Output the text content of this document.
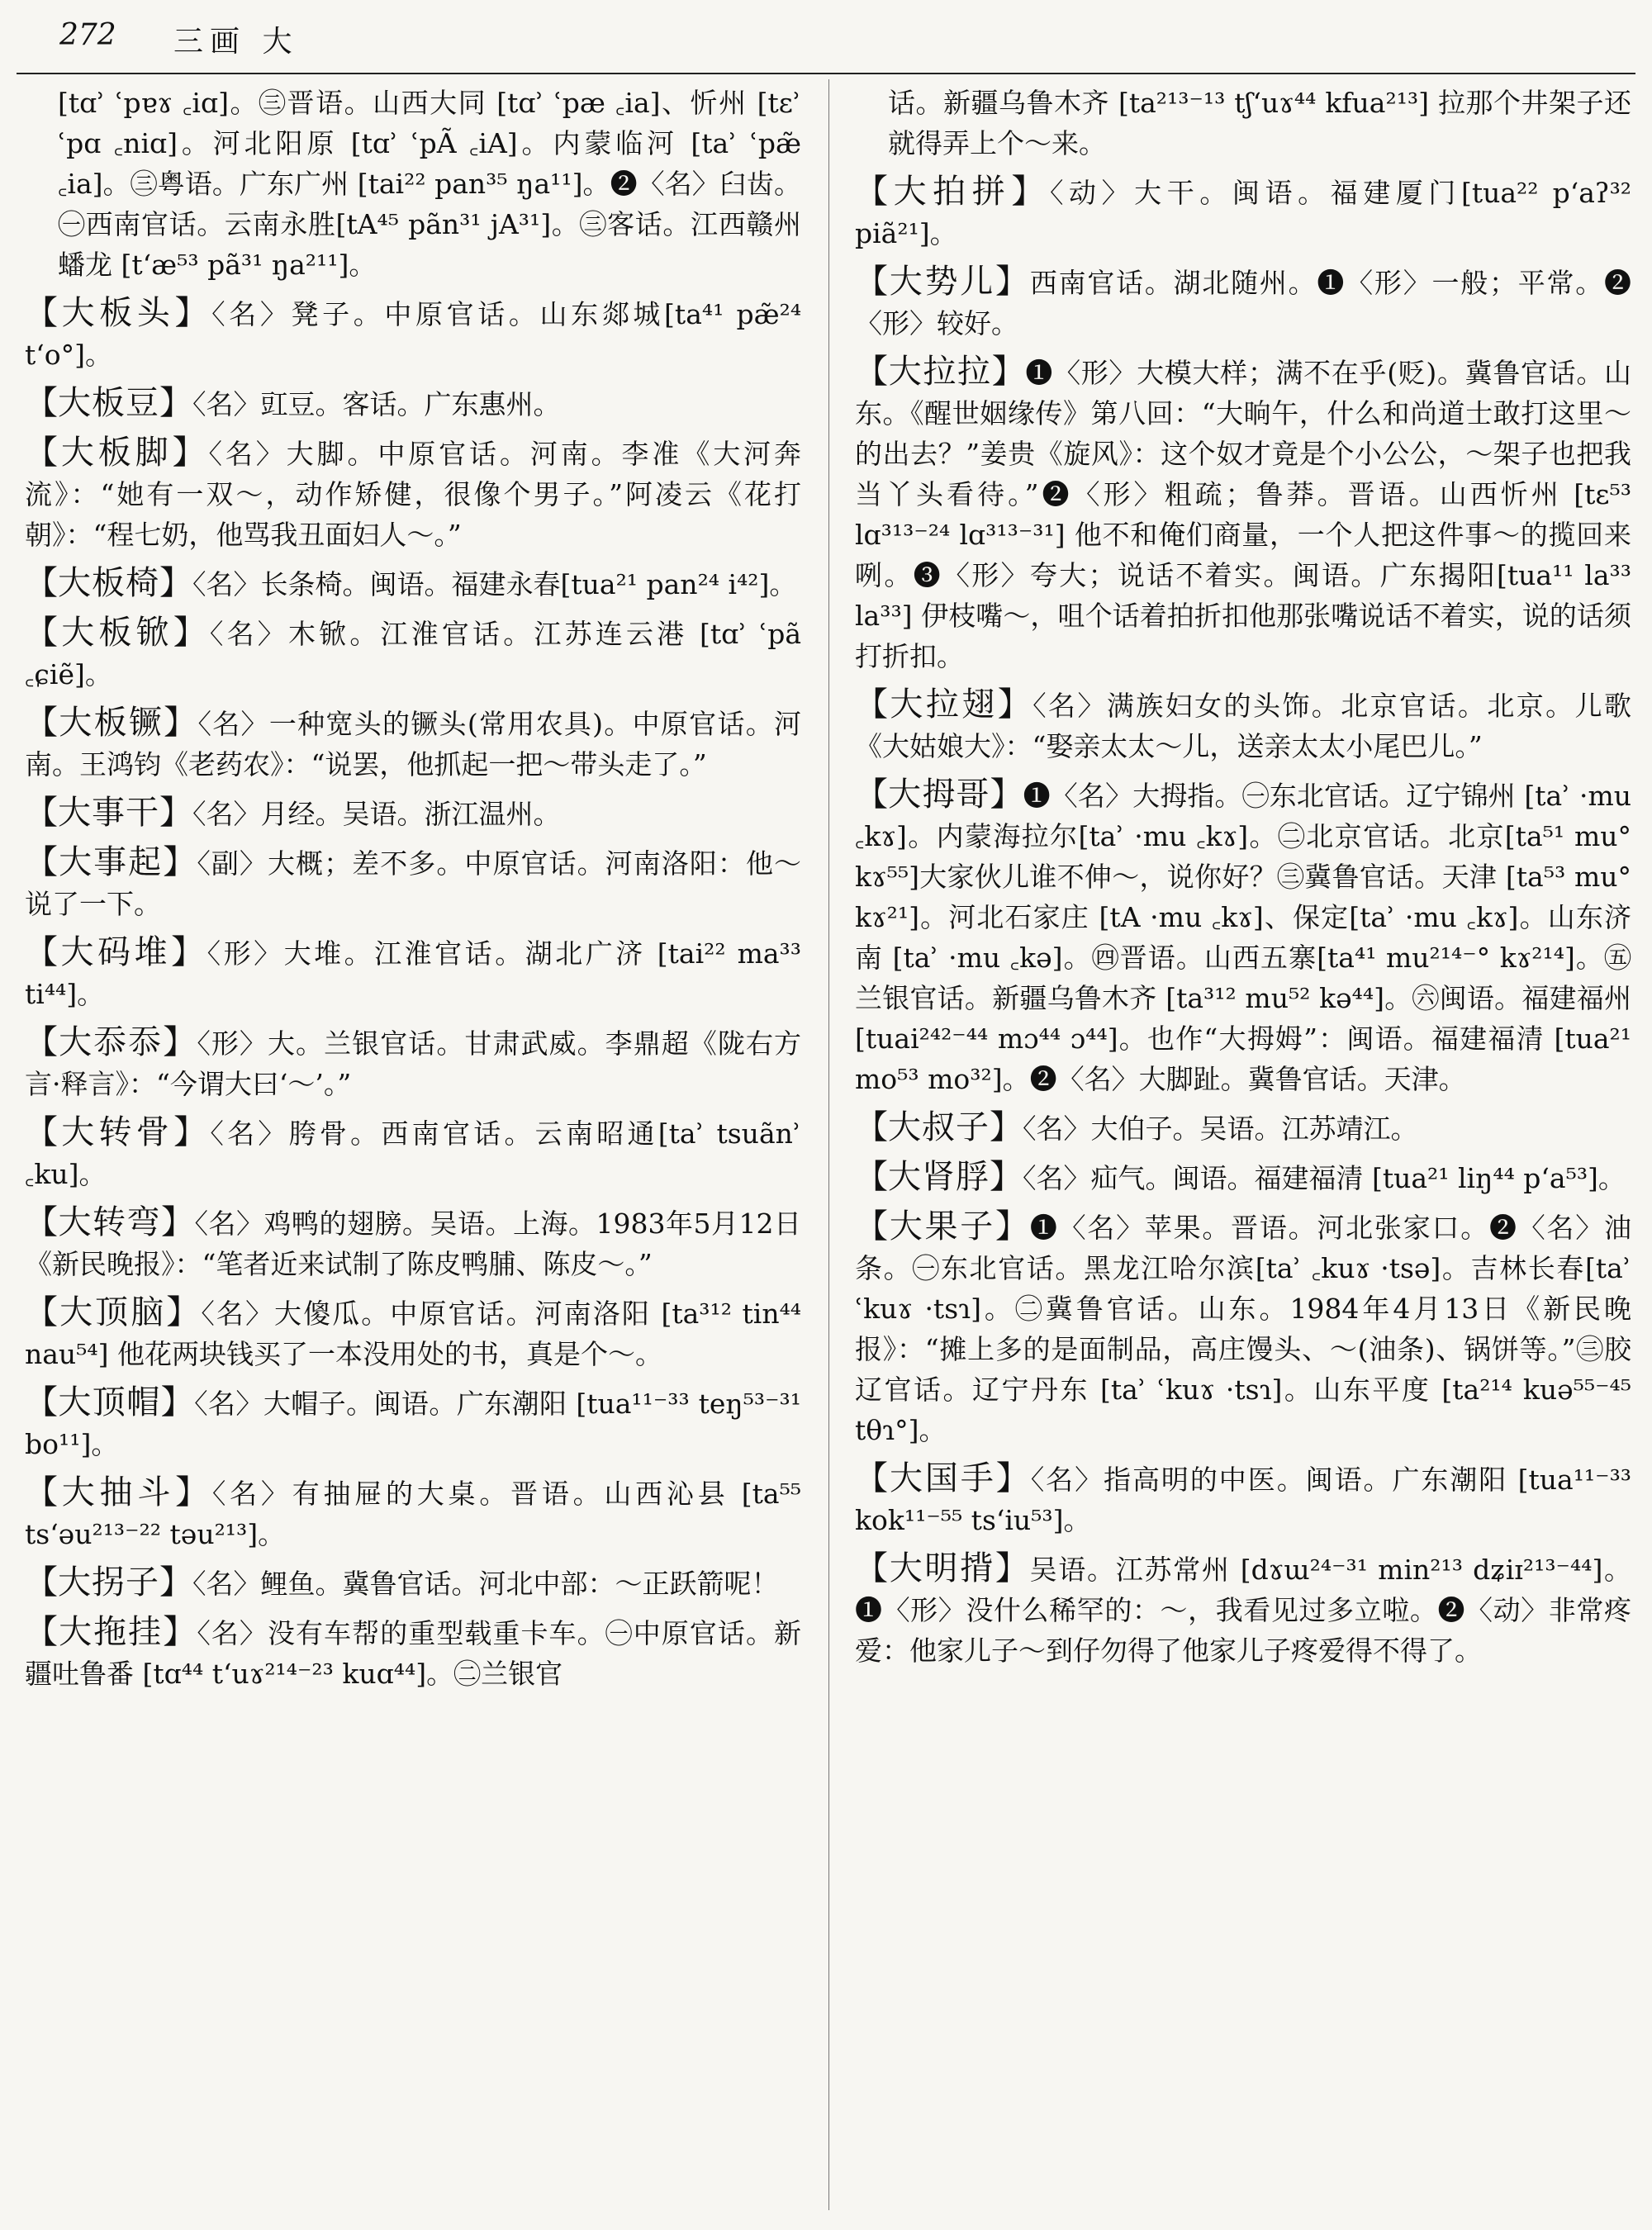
272 三画 大
[tɑʾ ʿpɐɤ ꜀iɑ]。㊂晋语。山西大同 [tɑʾ ʿpæ ꜀ia]、忻州 [tɛʾ ʿpɑ ꜀niɑ]。河北阳原 [tɑʾ ʿpÃ ꜀iA]。内蒙临河 [taʾ ʿpæ̃ ꜀ia]。㊂粤语。广东广州 [tai²² pan³⁵ ŋa¹¹]。❷〈名〉臼齿。㊀西南官话。云南永胜[tA⁴⁵ pãn³¹ jA³¹]。㊂客话。江西赣州蟠龙 [tʻæ⁵³ pã³¹ ŋa²¹¹]。
【大板头】〈名〉凳子。中原官话。山东郯城[ta⁴¹ pæ̃²⁴ tʻo°]。
【大板豆】〈名〉豇豆。客话。广东惠州。
【大板脚】〈名〉大脚。中原官话。河南。李准《大河奔流》：“她有一双～，动作矫健，很像个男子。”阿凌云《花打朝》：“程七奶，他骂我丑面妇人～。”
【大板椅】〈名〉长条椅。闽语。福建永春[tua²¹ pan²⁴ i⁴²]。
【大板锨】〈名〉木锨。江淮官话。江苏连云港 [tɑʾ ʿpã ꜀ɕiẽ]。
【大板镢】〈名〉一种宽头的镢头(常用农具)。中原官话。河南。王鸿钧《老药农》：“说罢，他抓起一把～带头走了。”
【大事干】〈名〉月经。吴语。浙江温州。
【大事起】〈副〉大概；差不多。中原官话。河南洛阳：他～说了一下。
【大码堆】〈形〉大堆。江淮官话。湖北广济 [tai²² ma³³ ti⁴⁴]。
【大忝忝】〈形〉大。兰银官话。甘肃武威。李鼎超《陇右方言·释言》：“今谓大曰‘～’。”
【大转骨】〈名〉胯骨。西南官话。云南昭通[taʾ tsuãnʾ ꜀ku]。
【大转弯】〈名〉鸡鸭的翅膀。吴语。上海。1983年5月12日《新民晚报》：“笔者近来试制了陈皮鸭脯、陈皮～。”
【大顶脑】〈名〉大傻瓜。中原官话。河南洛阳 [ta³¹² tin⁴⁴ nau⁵⁴] 他花两块钱买了一本没用处的书，真是个～。
【大顶帽】〈名〉大帽子。闽语。广东潮阳 [tua¹¹⁻³³ teŋ⁵³⁻³¹ bo¹¹]。
【大抽斗】〈名〉有抽屉的大桌。晋语。山西沁县 [ta⁵⁵ tsʻəu²¹³⁻²² təu²¹³]。
【大拐子】〈名〉鲤鱼。冀鲁官话。河北中部：～正跃箭呢！
【大拖挂】〈名〉没有车帮的重型载重卡车。㊀中原官话。新疆吐鲁番 [tɑ⁴⁴ tʻuɤ²¹⁴⁻²³ kuɑ⁴⁴]。㊁兰银官
话。新疆乌鲁木齐 [ta²¹³⁻¹³ tʃʻuɤ⁴⁴ kfua²¹³] 拉那个井架子还就得弄上个～来。
【大拍拼】〈动〉大干。闽语。福建厦门[tua²² pʻaʔ³² piã²¹]。
【大势儿】西南官话。湖北随州。❶〈形〉一般；平常。❷〈形〉较好。
【大拉拉】❶〈形〉大模大样；满不在乎(贬)。冀鲁官话。山东。《醒世姻缘传》第八回：“大晌午，什么和尚道士敢打这里～的出去？”姜贵《旋风》：这个奴才竟是个小公公，～架子也把我当丫头看待。”❷〈形〉粗疏；鲁莽。晋语。山西忻州 [tɛ⁵³ lɑ³¹³⁻²⁴ lɑ³¹³⁻³¹] 他不和俺们商量，一个人把这件事～的揽回来咧。❸〈形〉夸大；说话不着实。闽语。广东揭阳[tua¹¹ la³³ la³³] 伊枝嘴～，咀个话着拍折扣他那张嘴说话不着实，说的话须打折扣。
【大拉翅】〈名〉满族妇女的头饰。北京官话。北京。儿歌《大姑娘大》：“娶亲太太～儿，送亲太太小尾巴儿。”
【大拇哥】❶〈名〉大拇指。㊀东北官话。辽宁锦州 [taʾ ·mu ꜀kɤ]。内蒙海拉尔[taʾ ·mu ꜀kɤ]。㊁北京官话。北京[ta⁵¹ mu° kɤ⁵⁵]大家伙儿谁不伸～，说你好？㊂冀鲁官话。天津 [ta⁵³ mu° kɤ²¹]。河北石家庄 [tA ·mu ꜀kɤ]、保定[taʾ ·mu ꜀kɤ]。山东济南 [taʾ ·mu ꜀kə]。㊃晋语。山西五寨[ta⁴¹ mu²¹⁴⁻° kɤ²¹⁴]。㊄兰银官话。新疆乌鲁木齐 [ta³¹² mu⁵² kə⁴⁴]。㊅闽语。福建福州 [tuai²⁴²⁻⁴⁴ mɔ⁴⁴ ɔ⁴⁴]。也作“大拇姆”：闽语。福建福清 [tua²¹ mo⁵³ mo³²]。❷〈名〉大脚趾。冀鲁官话。天津。
【大叔子】〈名〉大伯子。吴语。江苏靖江。
【大肾脬】〈名〉疝气。闽语。福建福清 [tua²¹ liŋ⁴⁴ pʻa⁵³]。
【大果子】❶〈名〉苹果。晋语。河北张家口。❷〈名〉油条。㊀东北官话。黑龙江哈尔滨[taʾ ꜀kuɤ ·tsə]。吉林长春[taʾ ʿkuɤ ·tsɿ]。㊁冀鲁官话。山东。1984年4月13日《新民晚报》：“摊上多的是面制品，高庄馒头、～(油条)、锅饼等。”㊂胶辽官话。辽宁丹东 [taʾ ʿkuɤ ·tsɿ]。山东平度 [ta²¹⁴ kuə⁵⁵⁻⁴⁵ tθɿ°]。
【大国手】〈名〉指高明的中医。闽语。广东潮阳 [tua¹¹⁻³³ kok¹¹⁻⁵⁵ tsʻiu⁵³]。
【大明揹】吴语。江苏常州 [dɤɯ²⁴⁻³¹ min²¹³ dʑiɪ²¹³⁻⁴⁴]。❶〈形〉没什么稀罕的：～，我看见过多立啦。❷〈动〉非常疼爱：他家儿子～到仔勿得了他家儿子疼爱得不得了。
